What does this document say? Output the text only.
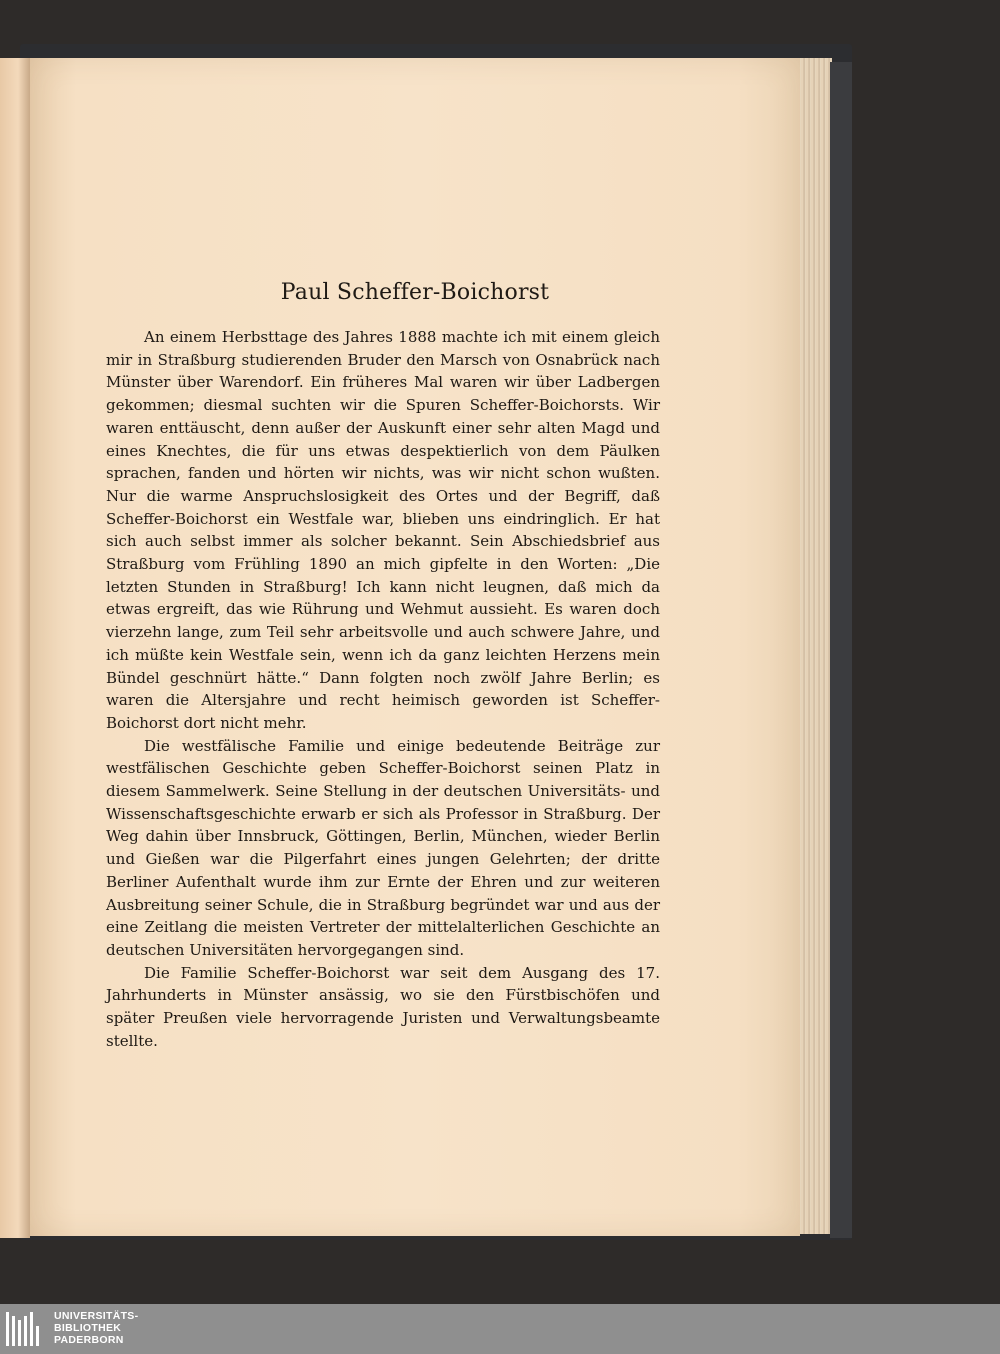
Paul Scheffer-Boichorst

An einem Herbsttage des Jahres 1888 machte ich mit einem gleich mir in Straßburg studierenden Bruder den Marsch von Osnabrück nach Münster über Warendorf. Ein früheres Mal waren wir über Ladbergen gekommen; diesmal suchten wir die Spuren Scheffer-Boichorsts. Wir waren enttäuscht, denn außer der Auskunft einer sehr alten Magd und eines Knechtes, die für uns etwas despektierlich von dem Päulken sprachen, fanden und hörten wir nichts, was wir nicht schon wußten. Nur die warme Anspruchslosigkeit des Ortes und der Begriff, daß Scheffer-Boichorst ein Westfale war, blieben uns eindringlich. Er hat sich auch selbst immer als solcher bekannt. Sein Abschiedsbrief aus Straßburg vom Frühling 1890 an mich gipfelte in den Worten: „Die letzten Stunden in Straßburg! Ich kann nicht leugnen, daß mich da etwas ergreift, das wie Rührung und Wehmut aussieht. Es waren doch vierzehn lange, zum Teil sehr arbeitsvolle und auch schwere Jahre, und ich müßte kein Westfale sein, wenn ich da ganz leichten Herzens mein Bündel geschnürt hätte.“ Dann folgten noch zwölf Jahre Berlin; es waren die Altersjahre und recht heimisch geworden ist Scheffer-Boichorst dort nicht mehr.

Die westfälische Familie und einige bedeutende Beiträge zur westfälischen Geschichte geben Scheffer-Boichorst seinen Platz in diesem Sammelwerk. Seine Stellung in der deutschen Universitäts- und Wissenschaftsgeschichte erwarb er sich als Professor in Straßburg. Der Weg dahin über Innsbruck, Göttingen, Berlin, München, wieder Berlin und Gießen war die Pilgerfahrt eines jungen Gelehrten; der dritte Berliner Aufenthalt wurde ihm zur Ernte der Ehren und zur weiteren Ausbreitung seiner Schule, die in Straßburg begründet war und aus der eine Zeitlang die meisten Vertreter der mittelalterlichen Geschichte an deutschen Universitäten hervorgegangen sind.

Die Familie Scheffer-Boichorst war seit dem Ausgang des 17. Jahrhunderts in Münster ansässig, wo sie den Fürstbischöfen und später Preußen viele hervorragende Juristen und Verwaltungsbeamte stellte.

UNIVERSITÄTS-
BIBLIOTHEK
PADERBORN
